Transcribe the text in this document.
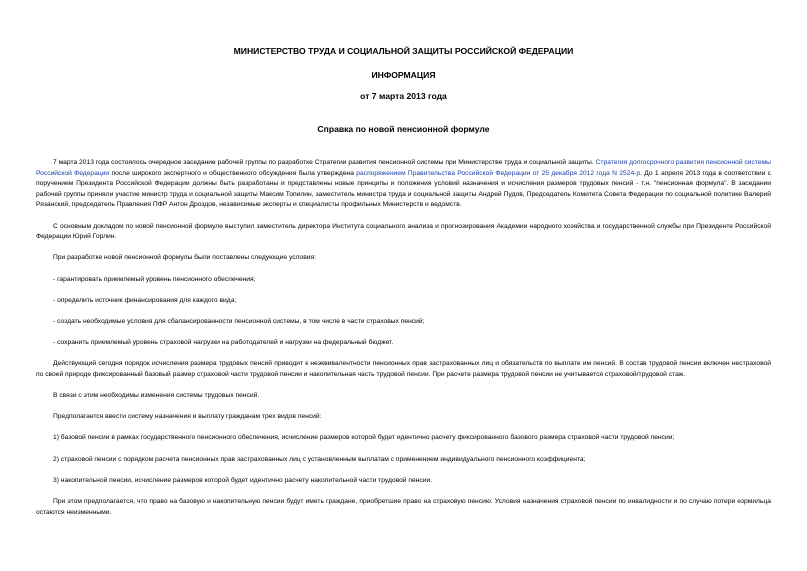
МИНИСТЕРСТВО ТРУДА И СОЦИАЛЬНОЙ ЗАЩИТЫ РОССИЙСКОЙ ФЕДЕРАЦИИ

ИНФОРМАЦИЯ

от 7 марта 2013 года

Справка по новой пенсионной формуле

7 марта 2013 года состоялось очередное заседание рабочей группы по разработке Стратегии развития пенсионной системы при Министерстве труда и социальной защиты. Стратегия долгосрочного развития пенсионной системы Российской Федерации после широкого экспертного и общественного обсуждения была утверждена распоряжением Правительства Российской Федерации от 25 декабря 2012 года N 2524-р. До 1 апреля 2013 года в соответствии с поручением Президента Российской Федерации должны быть разработаны и представлены новые принципы и положения условий назначения и исчисления размеров трудовых пенсий - т.н. "пенсионная формула". В заседании рабочей группы приняли участие министр труда и социальной защиты Максим Топилин, заместитель министра труда и социальной защиты Андрей Пудов, Председатель Комитета Совета Федерации по социальной политике Валерий Рязанский, председатель Правления ПФР Антон Дроздов, независимые эксперты и специалисты профильных Министерств и ведомств.

С основным докладом по новой пенсионной формуле выступил заместитель директора Института социального анализа и прогнозирования Академии народного хозяйства и государственной службы при Президенте Российской Федерации Юрий Горлин.

При разработке новой пенсионной формулы были поставлены следующие условия:

- гарантировать приемлемый уровень пенсионного обеспечения;

- определить источник финансирования для каждого вида;

- создать необходимые условия для сбалансированности пенсионной системы, в том числе в части страховых пенсий;

- сохранить приемлемый уровень страховой нагрузки на работодателей и нагрузки на федеральный бюджет.

Действующий сегодня порядок исчисления размера трудовых пенсий приводит к неэквивалентности пенсионных прав застрахованных лиц и обязательств по выплате им пенсий. В состав трудовой пенсии включен нестраховой по своей природе фиксированный базовый размер страховой части трудовой пенсии и накопительная часть трудовой пенсии. При расчете размера трудовой пенсии не учитывается страховой/трудовой стаж.

В связи с этим необходимы изменения системы трудовых пенсий.

Предполагается ввести систему назначения и выплату гражданам трех видов пенсий:

1) базовой пенсии в рамках государственного пенсионного обеспечения, исчисление размеров которой будет идентично расчету фиксированного базового размера страховой части трудовой пенсии;

2) страховой пенсии с порядком расчета пенсионных прав застрахованных лиц с установленным выплатам с применением индивидуального пенсионного коэффициента;

3) накопительной пенсии, исчисление размеров которой будет идентично расчету накопительной части трудовой пенсии.

При этом предполагается, что право на базовую и накопительную пенсии будут иметь граждане, приобретшие право на страховую пенсию. Условия назначения страховой пенсии по инвалидности и по случаю потери кормильца остаются неизменными.
